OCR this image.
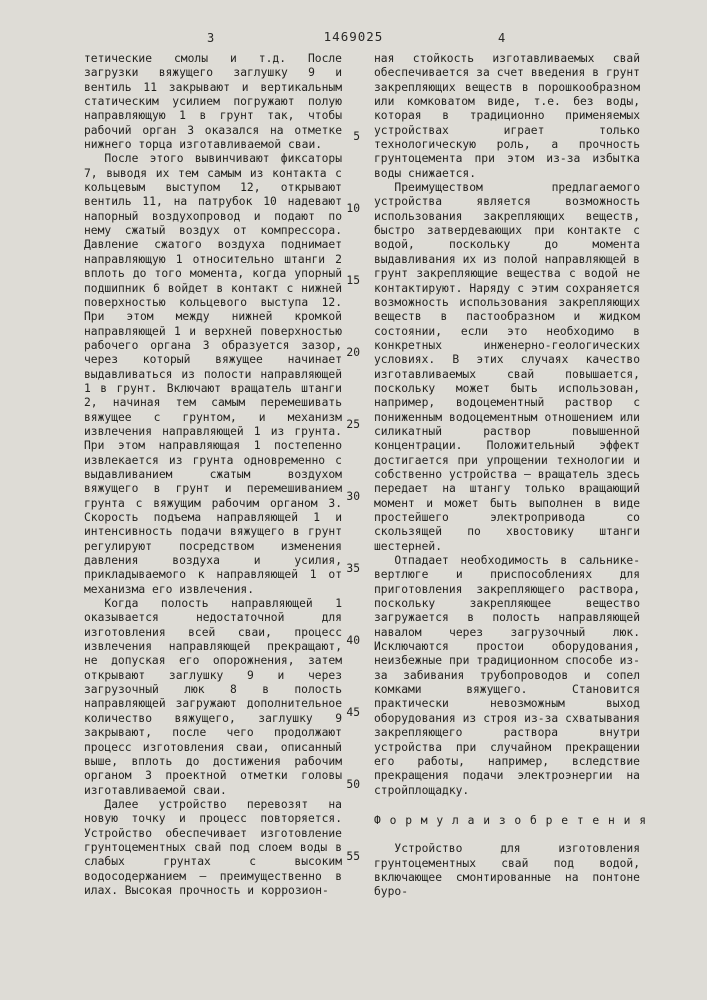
3	1469025	4
5
10
15
20
25
30
35
40
45
50
55

тетические смолы и т.д. После загрузки вяжущего заглушку 9 и вентиль 11 закрывают и вертикальным статическим усилием погружают полую направляющую 1 в грунт так, чтобы рабочий орган 3 оказался на отметке нижнего торца изготавливаемой сваи.

После этого вывинчивают фиксаторы 7, выводя их тем самым из контакта с кольцевым выступом 12, открывают вентиль 11, на патрубок 10 надевают напорный воздухопровод и подают по нему сжатый воздух от компрессора. Давление сжатого воздуха поднимает направляющую 1 относительно штанги 2 вплоть до того момента, когда упорный подшипник 6 войдет в контакт с нижней поверхностью кольцевого выступа 12. При этом между нижней кромкой направляющей 1 и верхней поверхностью рабочего органа 3 образуется зазор, через который вяжущее начинает выдавливаться из полости направляющей 1 в грунт. Включают вращатель штанги 2, начиная тем самым перемешивать вяжущее с грунтом, и механизм извлечения направляющей 1 из грунта. При этом направляющая 1 постепенно извлекается из грунта одновременно с выдавливанием сжатым воздухом вяжущего в грунт и перемешиванием грунта с вяжущим рабочим органом 3. Скорость подъема направляющей 1 и интенсивность подачи вяжущего в грунт регулируют посредством изменения давления воздуха и усилия, прикладываемого к направляющей 1 от механизма его извлечения.

Когда полость направляющей 1 оказывается недостаточной для изготовления всей сваи, процесс извлечения направляющей прекращают, не допуская его опорожнения, затем открывают заглушку 9 и через загрузочный люк 8 в полость направляющей загружают дополнительное количество вяжущего, заглушку 9 закрывают, после чего продолжают процесс изготовления сваи, описанный выше, вплоть до достижения рабочим органом 3 проектной отметки головы изготавливаемой сваи.

Далее устройство перевозят на новую точку и процесс повторяется. Устройство обеспечивает изготовление грунтоцементных свай под слоем воды в слабых грунтах с высоким водосодержанием — преимущественно в илах. Высокая прочность и коррозион-

ная стойкость изготавливаемых свай обеспечивается за счет введения в грунт закрепляющих веществ в порошкообразном или комковатом виде, т.е. без воды, которая в традиционно применяемых устройствах играет только технологическую роль, а прочность грунтоцемента при этом из-за избытка воды снижается.

Преимуществом предлагаемого устройства является возможность использования закрепляющих веществ, быстро затвердевающих при контакте с водой, поскольку до момента выдавливания их из полой направляющей в грунт закрепляющие вещества с водой не контактируют. Наряду с этим сохраняется возможность использования закрепляющих веществ в пастообразном и жидком состоянии, если это необходимо в конкретных инженерно-геологических условиях. В этих случаях качество изготавливаемых свай повышается, поскольку может быть использован, например, водоцементный раствор с пониженным водоцементным отношением или силикатный раствор повышенной концентрации. Положительный эффект достигается при упрощении технологии и собственно устройства — вращатель здесь передает на штангу только вращающий момент и может быть выполнен в виде простейшего электропривода со скользящей по хвостовику штанги шестерней.

Отпадает необходимость в сальнике-вертлюге и приспособлениях для приготовления закрепляющего раствора, поскольку закрепляющее вещество загружается в полость направляющей навалом через загрузочный люк. Исключаются простои оборудования, неизбежные при традиционном способе из-за забивания трубопроводов и сопел комками вяжущего. Становится практически невозможным выход оборудования из строя из-за схватывания закрепляющего раствора внутри устройства при случайном прекращении его работы, например, вследствие прекращения подачи электроэнергии на стройплощадку.

Ф о р м у л а и з о б р е т е н и я

Устройство для изготовления грунтоцементных свай под водой, включающее смонтированные на понтоне буро-
